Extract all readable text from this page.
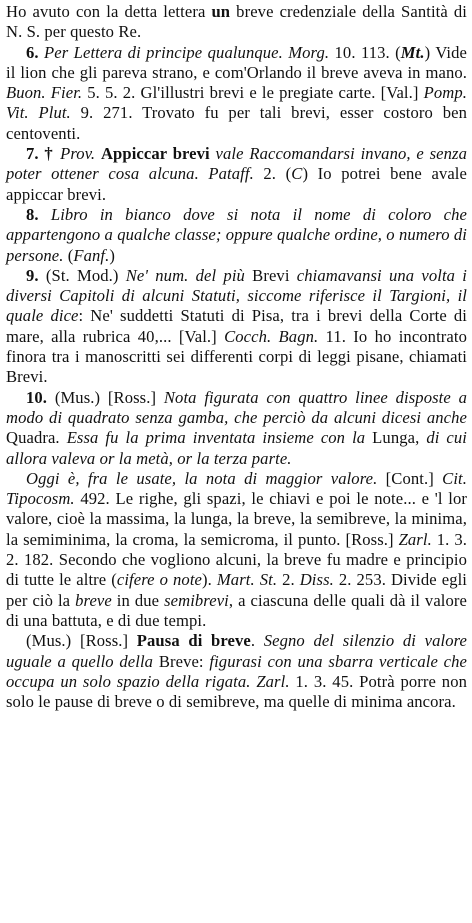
Ho avuto con la detta lettera un breve credenziale della Santità di N. S. per questo Re.

6. Per Lettera di principe qualunque. Morg. 10. 113. (Mt.) Vide il lion che gli pareva strano, e com'Orlando il breve aveva in mano. Buon. Fier. 5. 5. 2. Gl'illustri brevi e le pregiate carte. [Val.] Pomp. Vit. Plut. 9. 271. Trovato fu per tali brevi, esser costoro ben centoventi.

7. † Prov. Appiccar brevi vale Raccomandarsi invano, e senza poter ottener cosa alcuna. Pataff. 2. (C) Io potrei bene avale appiccar brevi.

8. Libro in bianco dove si nota il nome di coloro che appartengono a qualche classe; oppure qualche ordine, o numero di persone. (Fanf.)

9. (St. Mod.) Ne' num. del più Brevi chiamavansi una volta i diversi Capitoli di alcuni Statuti, siccome riferisce il Targioni, il quale dice: Ne' suddetti Statuti di Pisa, tra i brevi della Corte di mare, alla rubrica 40,... [Val.] Cocch. Bagn. 11. Io ho incontrato finora tra i manoscritti sei differenti corpi di leggi pisane, chiamati Brevi.

10. (Mus.) [Ross.] Nota figurata con quattro linee disposte a modo di quadrato senza gamba, che perciò da alcuni dicesi anche Quadra. Essa fu la prima inventata insieme con la Lunga, di cui allora valeva or la metà, or la terza parte.

Oggi è, fra le usate, la nota di maggior valore. [Cont.] Cit. Tipocosm. 492. Le righe, gli spazi, le chiavi e poi le note... e 'l lor valore, cioè la massima, la lunga, la breve, la semibreve, la minima, la semiminima, la croma, la semicroma, il punto. [Ross.] Zarl. 1. 3. 2. 182. Secondo che vogliono alcuni, la breve fu madre e principio di tutte le altre (cifere o note). Mart. St. 2. Diss. 2. 253. Divide egli per ciò la breve in due semibrevi, a ciascuna delle quali dà il valore di una battuta, e di due tempi.

(Mus.) [Ross.] Pausa di breve. Segno del silenzio di valore uguale a quello della Breve: figurasi con una sbarra verticale che occupa un solo spazio della rigata. Zarl. 1. 3. 45. Potrà porre non solo le pause di breve o di semibreve, ma quelle di minima ancora.
